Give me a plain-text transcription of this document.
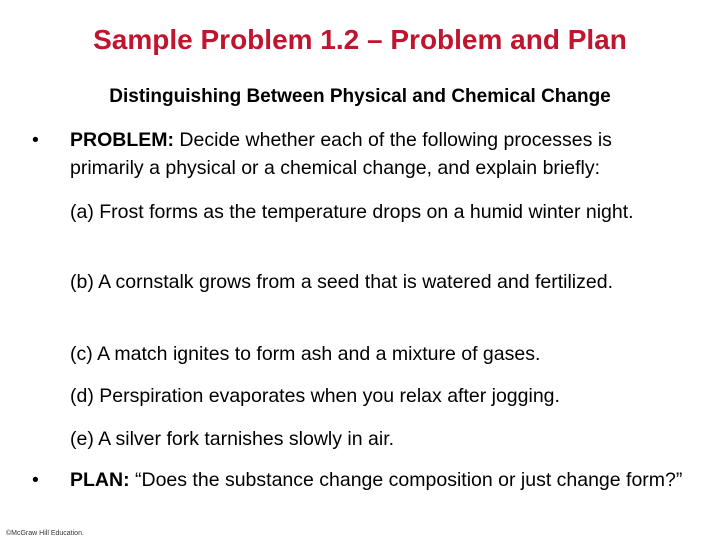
Sample Problem 1.2 – Problem and Plan
Distinguishing Between Physical and Chemical Change
•	PROBLEM: Decide whether each of the following processes is primarily a physical or a chemical change, and explain briefly:
(a) Frost forms as the temperature drops on a humid winter night.
(b) A cornstalk grows from a seed that is watered and fertilized.
(c) A match ignites to form ash and a mixture of gases.
(d) Perspiration evaporates when you relax after jogging.
(e) A silver fork tarnishes slowly in air.
•	PLAN: “Does the substance change composition or just change form?”
©McGraw Hill Education.
